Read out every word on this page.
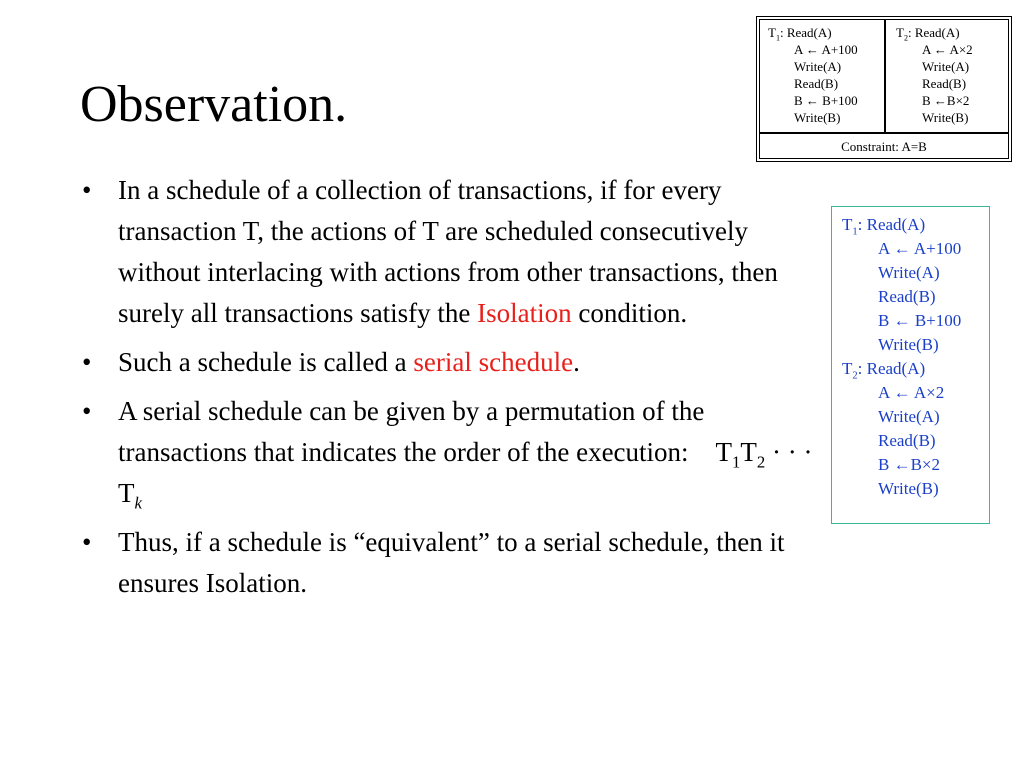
Observation.
$T_1$: Read(A)
A ← A+100
Write(A)
Read(B)
B ← B+100
Write(B)
$T_2$: Read(A)
A ← A×2
Write(A)
Read(B)
B ←B×2
Write(B)
Constraint: A=B
• In a schedule of a collection of transactions, if for every transaction T, the actions of T are scheduled consecutively without interlacing with actions from other transactions, then surely all transactions satisfy the Isolation condition.
• Such a schedule is called a serial schedule.
• A serial schedule can be given by a permutation of the transactions that indicates the order of the execution: $T_1T_2$ · · · $T_k$
• Thus, if a schedule is “equivalent” to a serial schedule, then it ensures Isolation.
$T_1$: Read(A)
A ← A+100
Write(A)
Read(B)
B ← B+100
Write(B)
$T_2$: Read(A)
A ← A×2
Write(A)
Read(B)
B ←B×2
Write(B)
